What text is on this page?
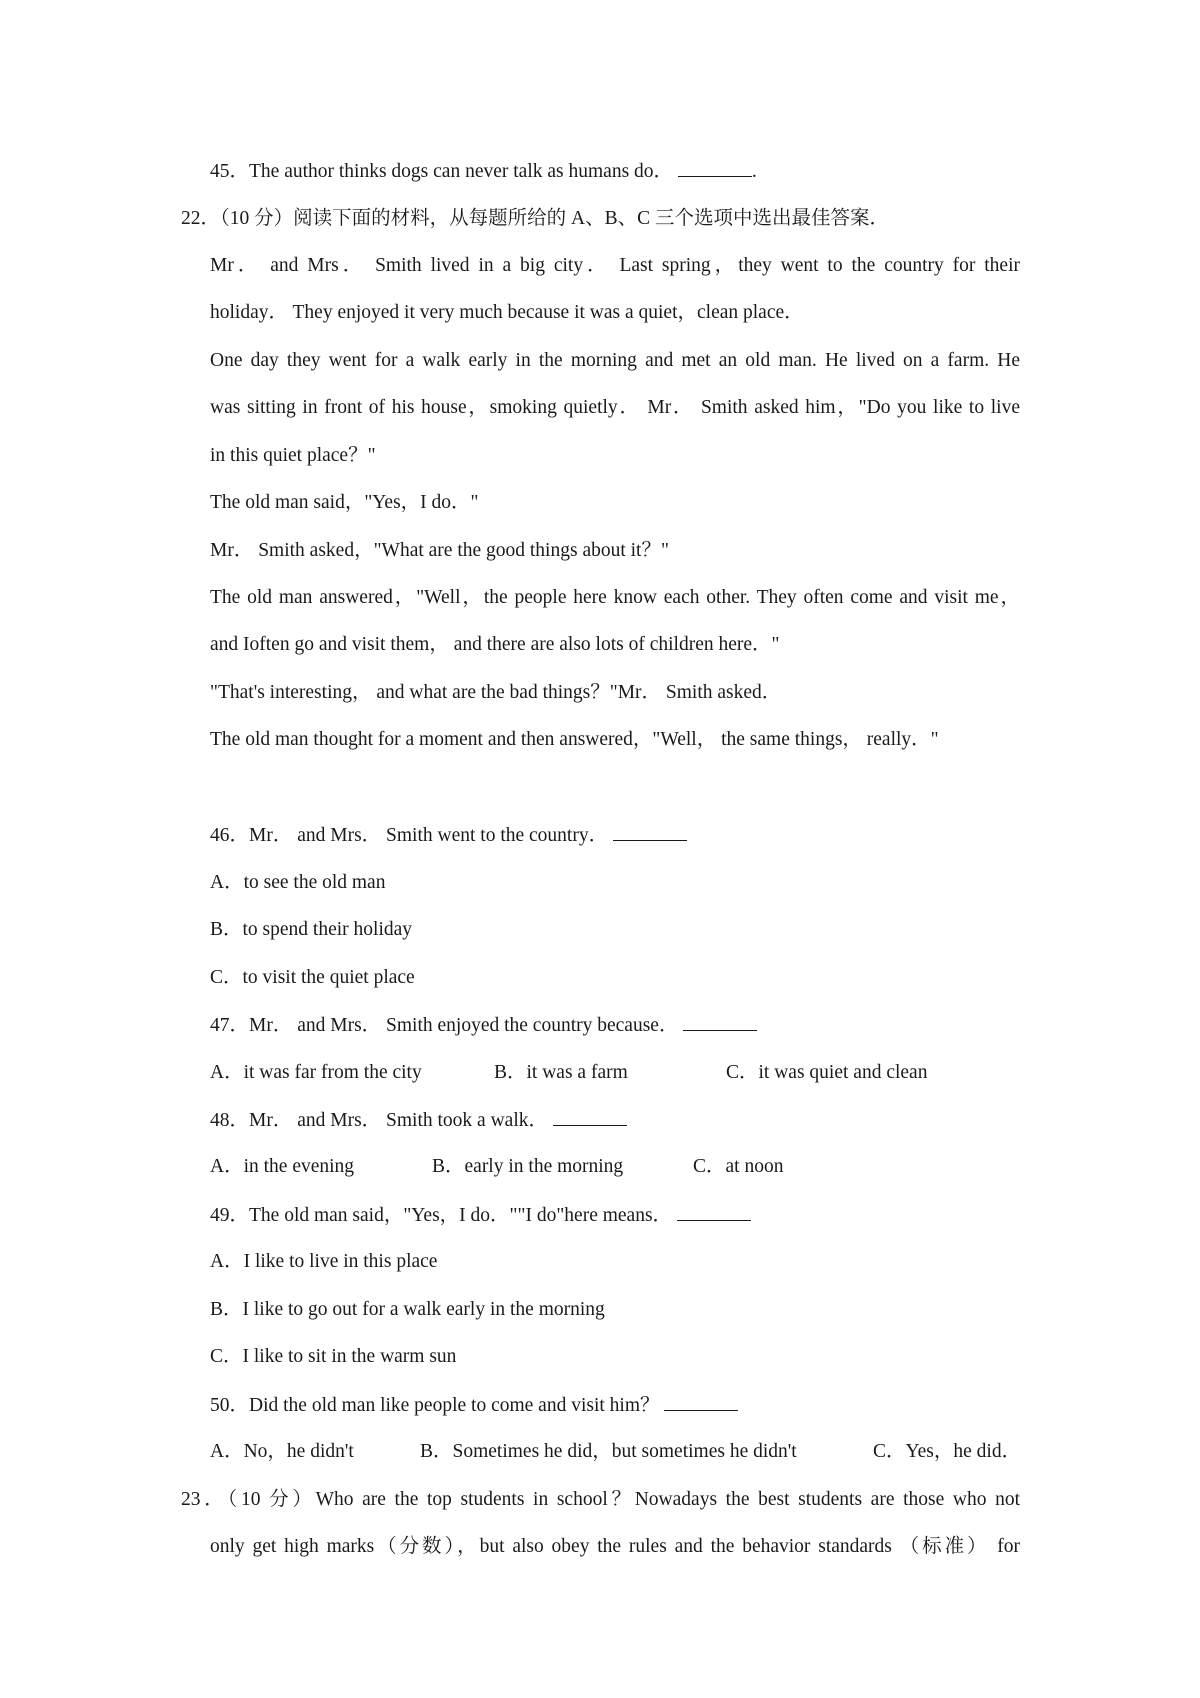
45．The author thinks dogs can never talk as humans do．	.

22．（10 分）阅读下面的材料，从每题所给的 A、B、C 三个选项中选出最佳答案．

Mr． and Mrs． Smith lived in a big city． Last spring，they went to the country for their

holiday． They enjoyed it very much because it was a quiet，clean place．

One day they went for a walk early in the morning and met an old man. He lived on a farm. He

was sitting in front of his house，smoking quietly． Mr． Smith asked him，"Do you like to live

in this quiet place？"

The old man said，"Yes，I do．"

Mr． Smith asked，"What are the good things about it？"

The old man answered，"Well，the people here know each other. They often come and visit me，

and Ioften go and visit them， and there are also lots of children here．"

"That's interesting， and what are the bad things？"Mr． Smith asked．

The old man thought for a moment and then answered，"Well， the same things， really．"

46．Mr． and Mrs． Smith went to the country．

A．to see the old man

B．to spend their holiday

C．to visit the quiet place

47．Mr． and Mrs． Smith enjoyed the country because．

A．it was far from the city	B．it was a farm	C．it was quiet and clean

48．Mr． and Mrs． Smith took a walk．

A．in the evening	B．early in the morning	C．at noon

49．The old man said，"Yes，I do．""I do"here means．

A．I like to live in this place

B．I like to go out for a walk early in the morning

C．I like to sit in the warm sun

50．Did the old man like people to come and visit him？

A．No，he didn't	B．Sometimes he did，but sometimes he didn't	C．Yes，he did．

23．（10 分）Who are the top students in school？Nowadays the best students are those who not

only get high marks（分数），but also obey the rules and the behavior standards （标准） for
